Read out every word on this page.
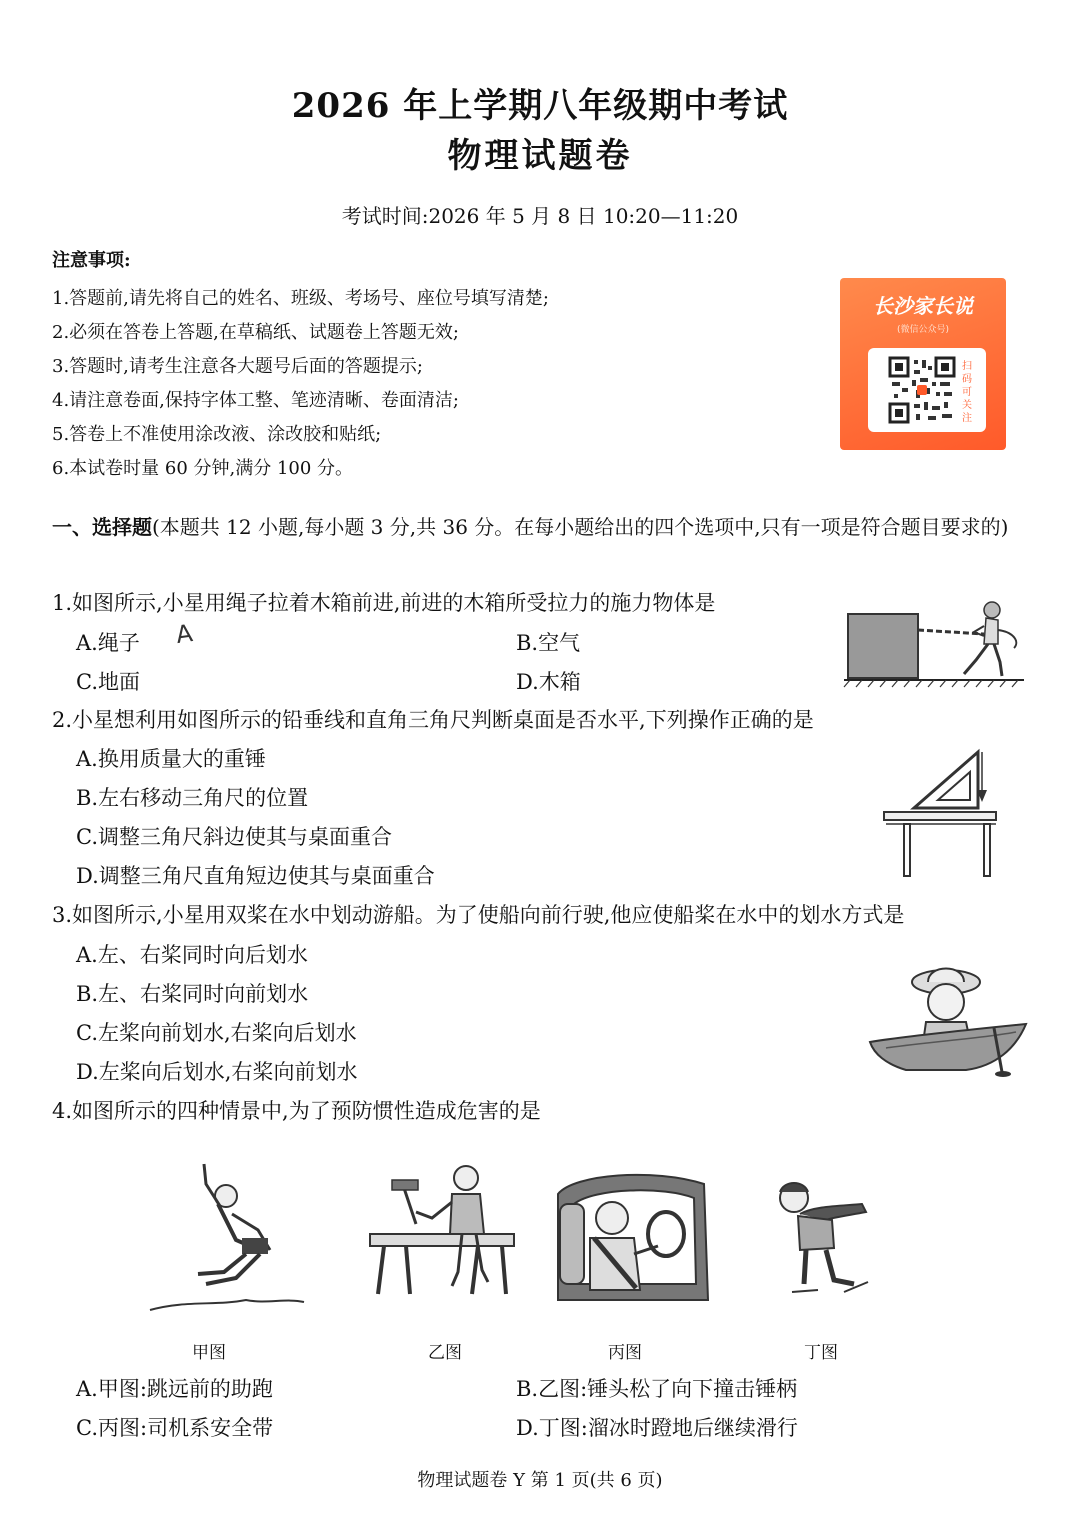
2026 年上学期八年级期中考试
物理试题卷
考试时间:2026 年 5 月 8 日 10:20—11:20
注意事项:
1.答题前,请先将自己的姓名、班级、考场号、座位号填写清楚;
2.必须在答卷上答题,在草稿纸、试题卷上答题无效;
3.答题时,请考生注意各大题号后面的答题提示;
4.请注意卷面,保持字体工整、笔迹清晰、卷面清洁;
5.答卷上不准使用涂改液、涂改胶和贴纸;
6.本试卷时量 60 分钟,满分 100 分。
长沙家长说
(微信公众号)
扫码可关注
一、选择题(本题共 12 小题,每小题 3 分,共 36 分。在每小题给出的四个选项中,只有一项是符合题目要求的)
1.如图所示,小星用绳子拉着木箱前进,前进的木箱所受拉力的施力物体是
A.绳子 A	B.空气
C.地面	D.木箱
2.小星想利用如图所示的铅垂线和直角三角尺判断桌面是否水平,下列操作正确的是
A.换用质量大的重锤
B.左右移动三角尺的位置
C.调整三角尺斜边使其与桌面重合
D.调整三角尺直角短边使其与桌面重合
3.如图所示,小星用双桨在水中划动游船。为了使船向前行驶,他应使船桨在水中的划水方式是
A.左、右桨同时向后划水
B.左、右桨同时向前划水
C.左桨向前划水,右桨向后划水
D.左桨向后划水,右桨向前划水
4.如图所示的四种情景中,为了预防惯性造成危害的是
甲图	乙图	丙图	丁图
A.甲图:跳远前的助跑	B.乙图:锤头松了向下撞击锤柄
C.丙图:司机系安全带	D.丁图:溜冰时蹬地后继续滑行
物理试题卷 Y 第 1 页(共 6 页)
